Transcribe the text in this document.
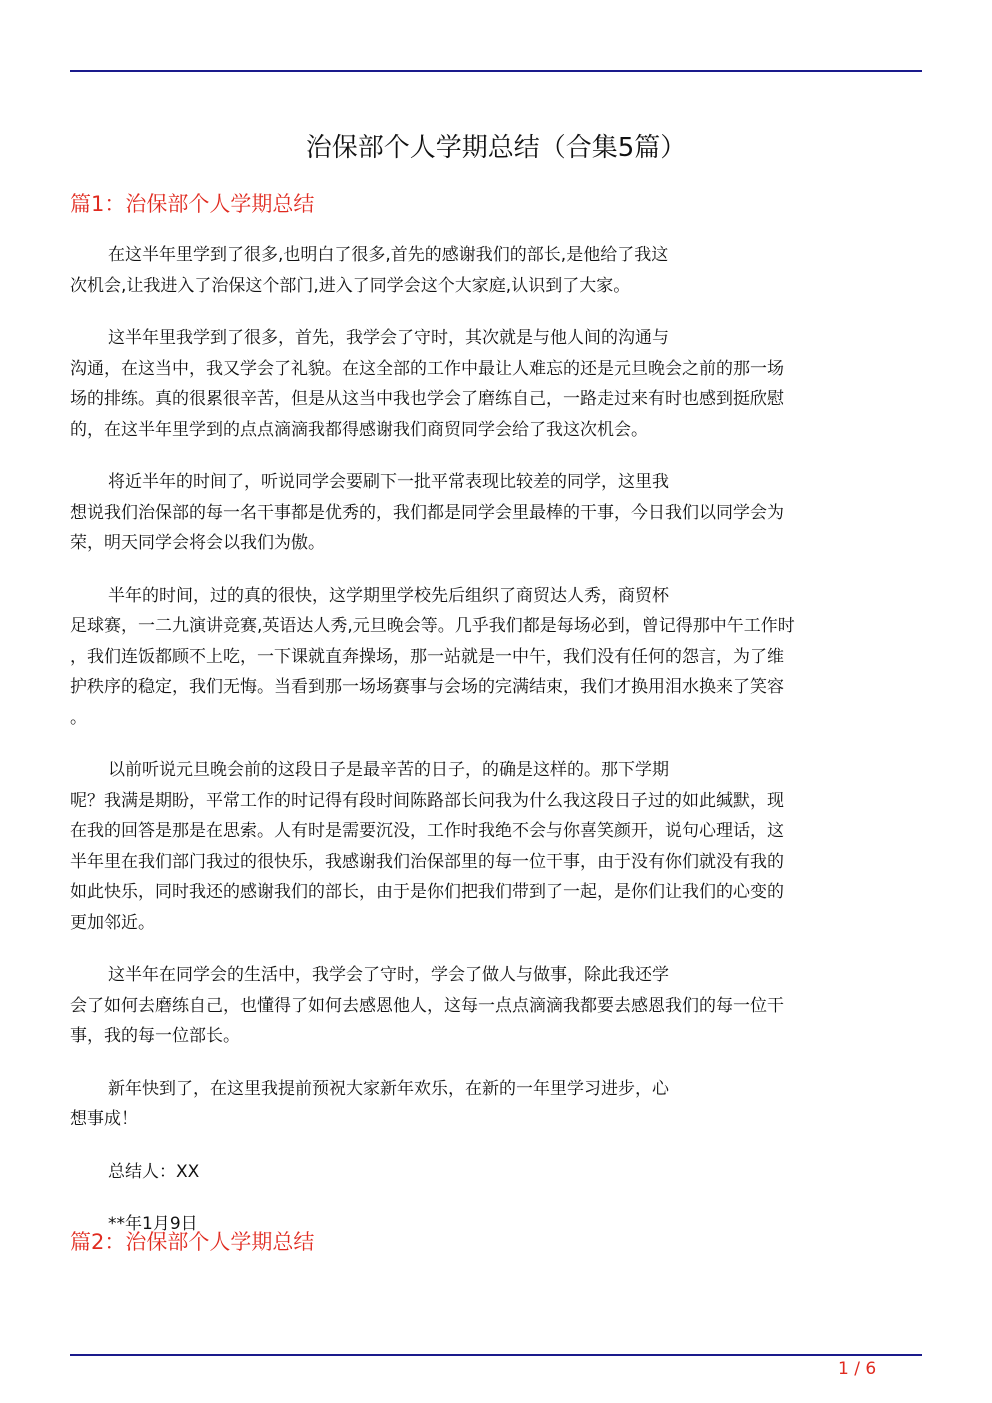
治保部个人学期总结（合集5篇）
篇1：治保部个人学期总结

在这半年里学到了很多,也明白了很多,首先的感谢我们的部长,是他给了我这
次机会,让我进入了治保这个部门,进入了同学会这个大家庭,认识到了大家。

这半年里我学到了很多，首先，我学会了守时，其次就是与他人间的沟通与
沟通，在这当中，我又学会了礼貌。在这全部的工作中最让人难忘的还是元旦晚会之前的那一场
场的排练。真的很累很辛苦，但是从这当中我也学会了磨练自己，一路走过来有时也感到挺欣慰
的，在这半年里学到的点点滴滴我都得感谢我们商贸同学会给了我这次机会。

将近半年的时间了，听说同学会要刷下一批平常表现比较差的同学，这里我
想说我们治保部的每一名干事都是优秀的，我们都是同学会里最棒的干事，今日我们以同学会为
荣，明天同学会将会以我们为傲。

半年的时间，过的真的很快，这学期里学校先后组织了商贸达人秀，商贸杯
足球赛，一二九演讲竞赛,英语达人秀,元旦晚会等。几乎我们都是每场必到，曾记得那中午工作时
，我们连饭都顾不上吃，一下课就直奔操场，那一站就是一中午，我们没有任何的怨言，为了维
护秩序的稳定，我们无悔。当看到那一场场赛事与会场的完满结束，我们才换用泪水换来了笑容
。

以前听说元旦晚会前的这段日子是最辛苦的日子，的确是这样的。那下学期
呢？我满是期盼，平常工作的时记得有段时间陈路部长问我为什么我这段日子过的如此缄默，现
在我的回答是那是在思索。人有时是需要沉没，工作时我绝不会与你喜笑颜开，说句心理话，这
半年里在我们部门我过的很快乐，我感谢我们治保部里的每一位干事，由于没有你们就没有我的
如此快乐，同时我还的感谢我们的部长，由于是你们把我们带到了一起，是你们让我们的心变的
更加邻近。

这半年在同学会的生活中，我学会了守时，学会了做人与做事，除此我还学
会了如何去磨练自己，也懂得了如何去感恩他人，这每一点点滴滴我都要去感恩我们的每一位干
事，我的每一位部长。

新年快到了，在这里我提前预祝大家新年欢乐，在新的一年里学习进步，心
想事成！

总结人：XX

**年1月9日

篇2：治保部个人学期总结
1 / 6
